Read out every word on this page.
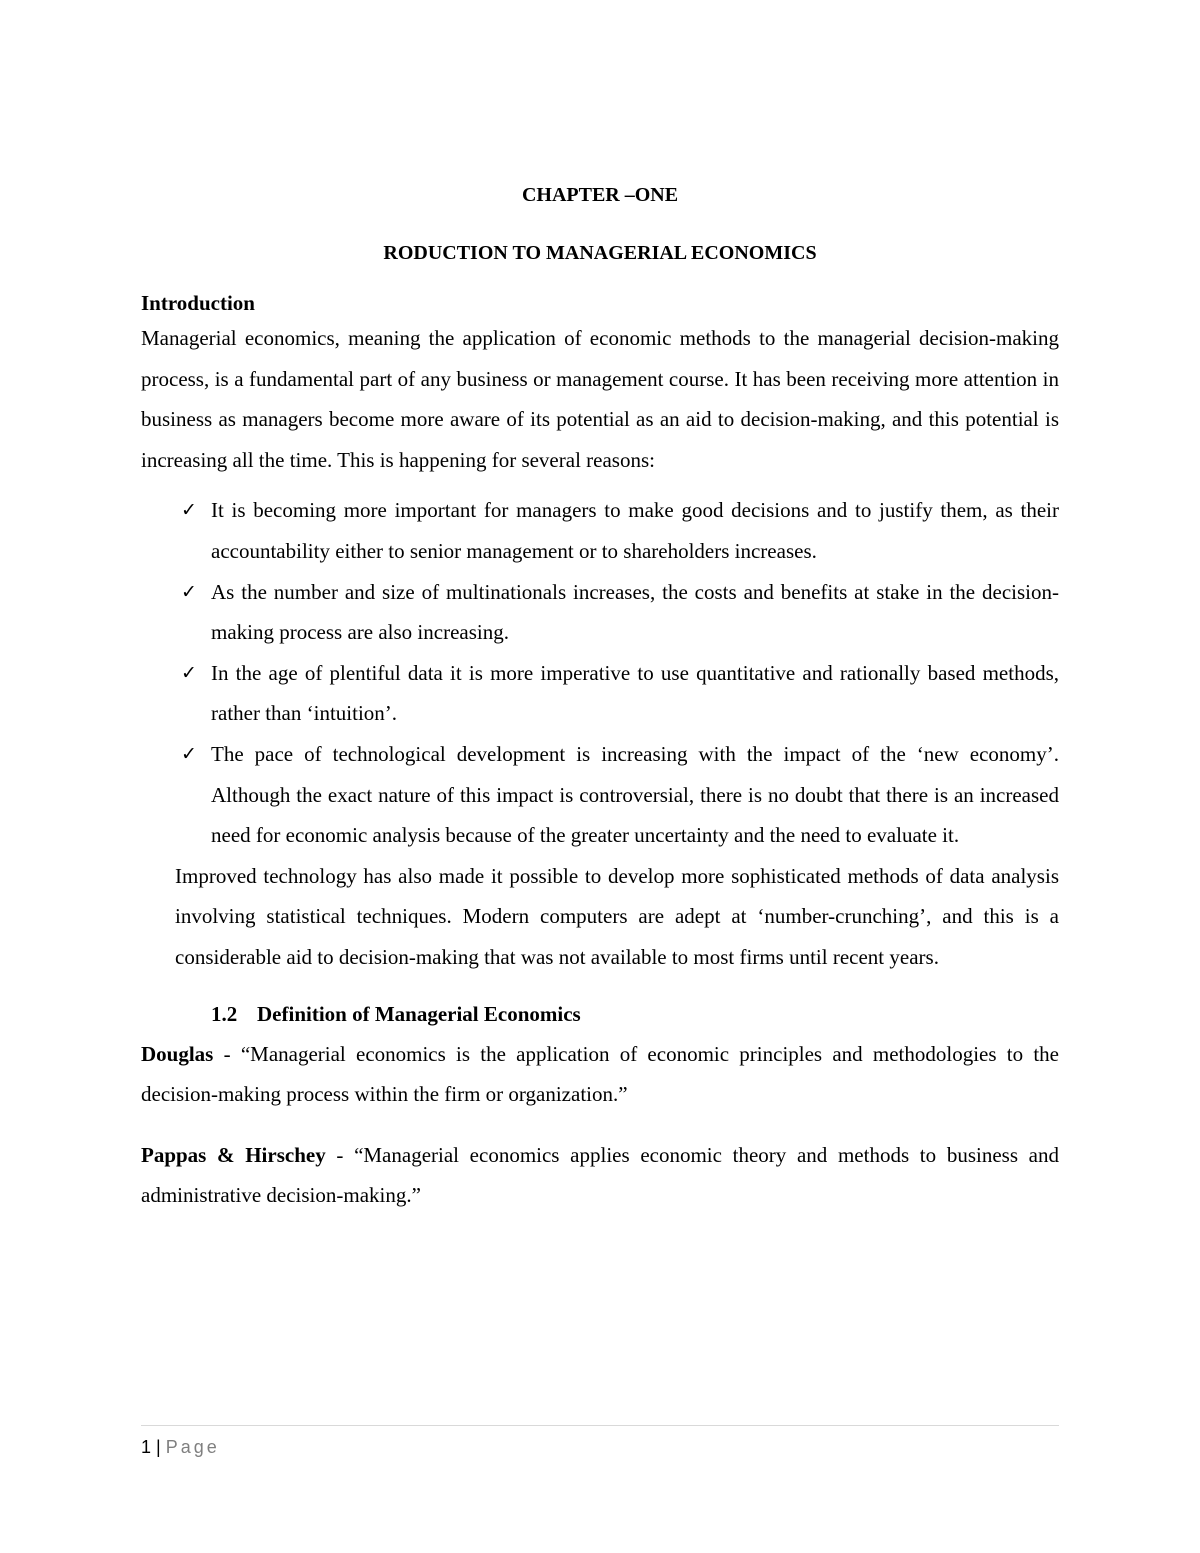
CHAPTER –ONE
RODUCTION TO MANAGERIAL ECONOMICS
Introduction

Managerial economics, meaning the application of economic methods to the managerial decision-making process, is a fundamental part of any business or management course. It has been receiving more attention in business as managers become more aware of its potential as an aid to decision-making, and this potential is increasing all the time. This is happening for several reasons:

✓ It is becoming more important for managers to make good decisions and to justify them, as their accountability either to senior management or to shareholders increases.
✓ As the number and size of multinationals increases, the costs and benefits at stake in the decision-making process are also increasing.
✓ In the age of plentiful data it is more imperative to use quantitative and rationally based methods, rather than ‘intuition’.
✓ The pace of technological development is increasing with the impact of the ‘new economy’. Although the exact nature of this impact is controversial, there is no doubt that there is an increased need for economic analysis because of the greater uncertainty and the need to evaluate it.

Improved technology has also made it possible to develop more sophisticated methods of data analysis involving statistical techniques. Modern computers are adept at ‘number-crunching’, and this is a considerable aid to decision-making that was not available to most firms until recent years.

1.2 Definition of Managerial Economics

Douglas - “Managerial economics is the application of economic principles and methodologies to the decision-making process within the firm or organization.”

Pappas & Hirschey - “Managerial economics applies economic theory and methods to business and administrative decision-making.”

1 | Page
